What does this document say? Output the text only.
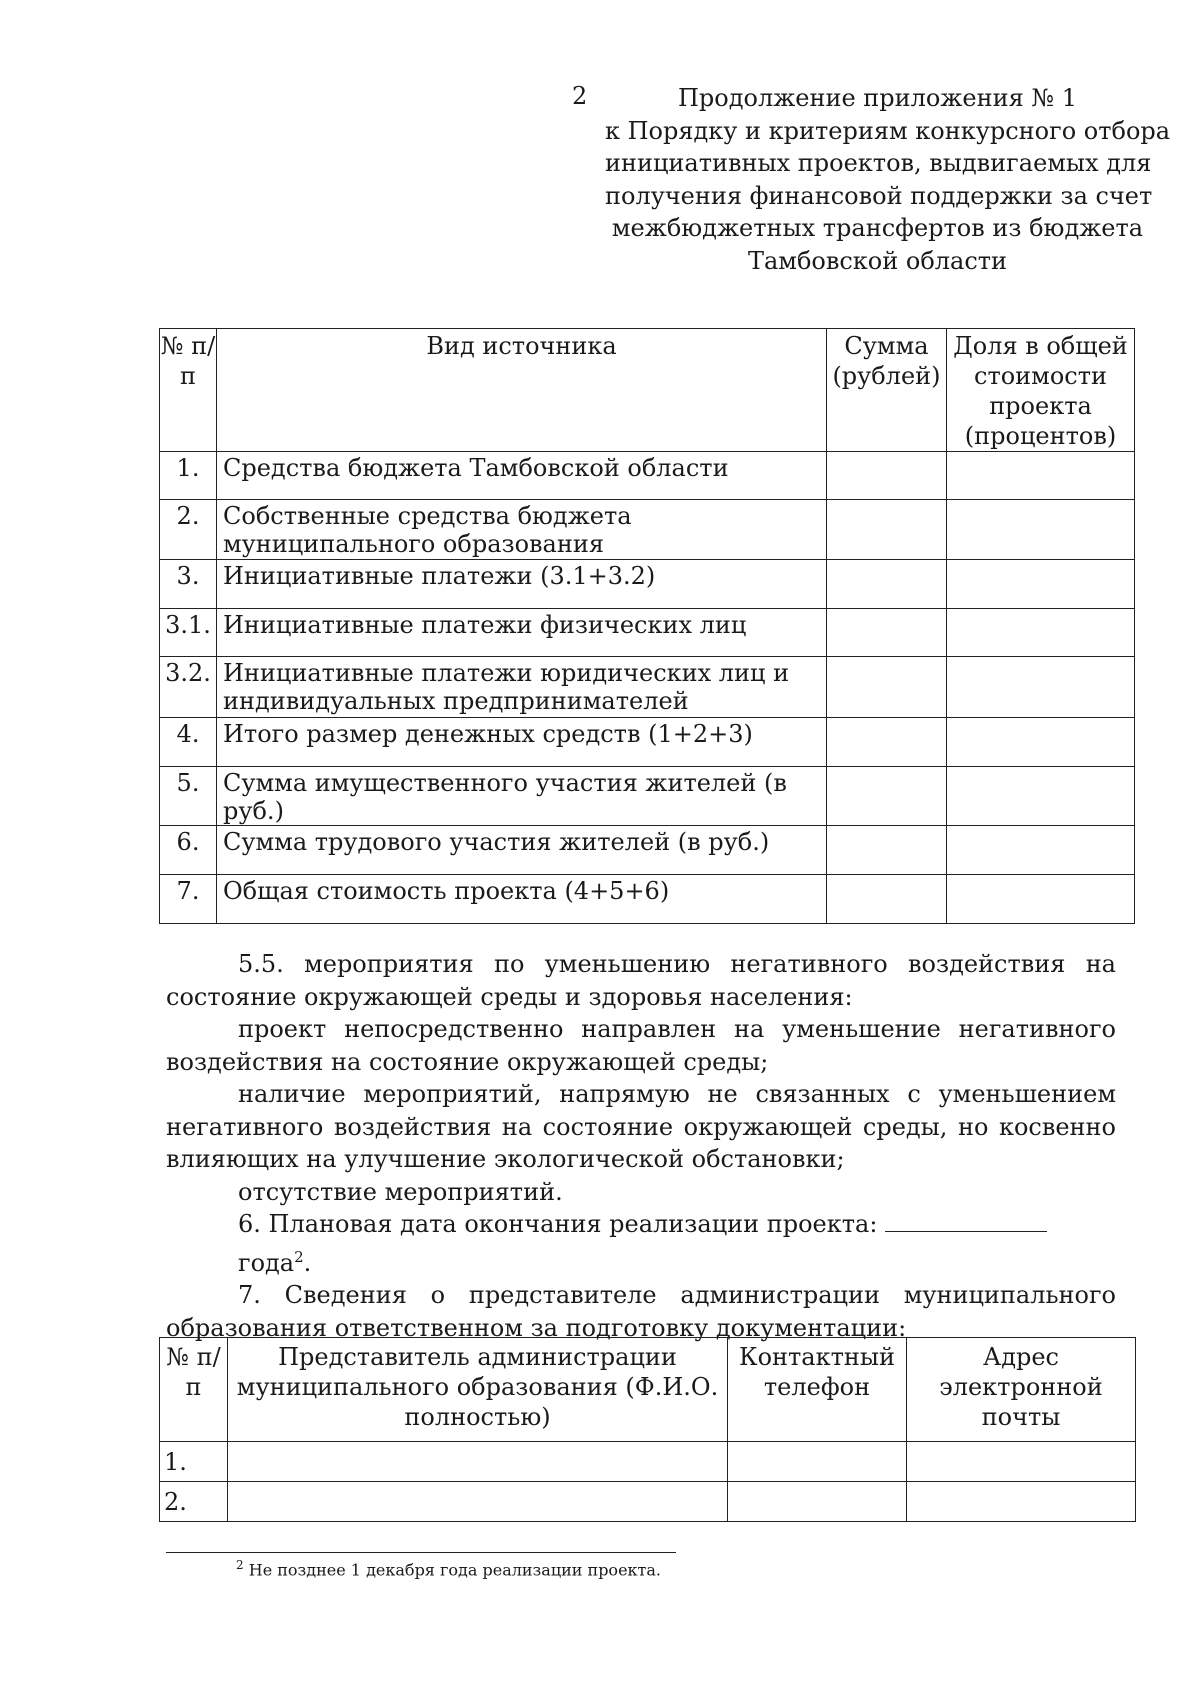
2	Продолжение приложения № 1
к Порядку и критериям конкурсного отбора
инициативных проектов, выдвигаемых для
получения финансовой поддержки за счет
межбюджетных трансфертов из бюджета
Тамбовской области
№ п/п	Вид источника	Сумма (рублей)	Доля в общей стоимости проекта (процентов)
1.	Средства бюджета Тамбовской области		
2.	Собственные средства бюджета муниципального образования		
3.	Инициативные платежи (3.1+3.2)		
3.1.	Инициативные платежи физических лиц		
3.2.	Инициативные платежи юридических лиц и индивидуальных предпринимателей		
4.	Итого размер денежных средств (1+2+3)		
5.	Сумма имущественного участия жителей (в руб.)		
6.	Сумма трудового участия жителей (в руб.)		
7.	Общая стоимость проекта (4+5+6)		
5.5. мероприятия по уменьшению негативного воздействия на
состояние окружающей среды и здоровья населения:
проект непосредственно направлен на уменьшение негативного
воздействия на состояние окружающей среды;
наличие мероприятий, напрямую не связанных с уменьшением
негативного воздействия на состояние окружающей среды, но косвенно
влияющих на улучшение экологической обстановки;
отсутствие мероприятий.
6. Плановая дата окончания реализации проекта:года$^2$.
7. Сведения о представителе администрации муниципального
образования ответственном за подготовку документации:
№ п/п	Представитель администрации муниципального образования (Ф.И.О. полностью)	Контактный телефон	Адрес электронной почты
1.			
2.			
$^2$ Не позднее 1 декабря года реализации проекта.
